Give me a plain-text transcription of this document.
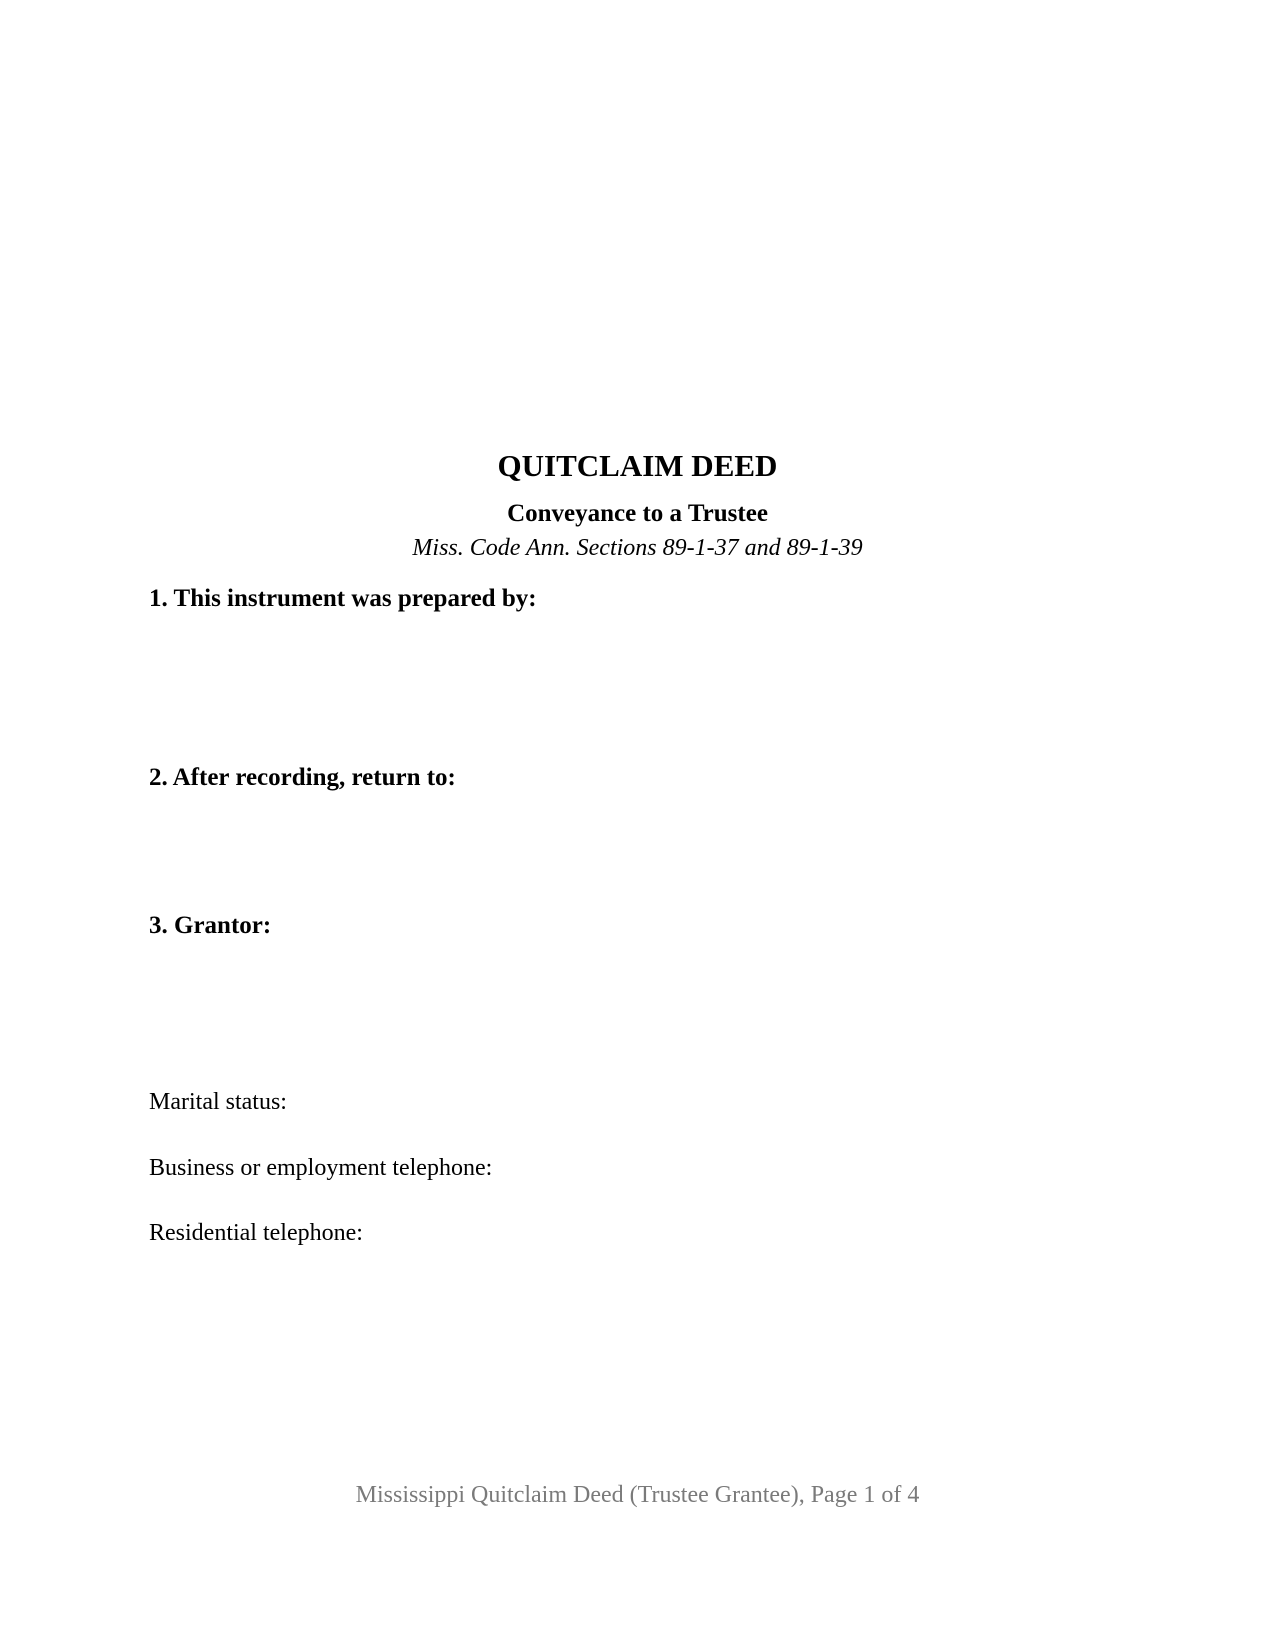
QUITCLAIM DEED
Conveyance to a Trustee
Miss. Code Ann. Sections 89-1-37 and 89-1-39
1. This instrument was prepared by:
2. After recording, return to:
3. Grantor:
Marital status:
Business or employment telephone:
Residential telephone:
Mississippi Quitclaim Deed (Trustee Grantee), Page 1 of 4
